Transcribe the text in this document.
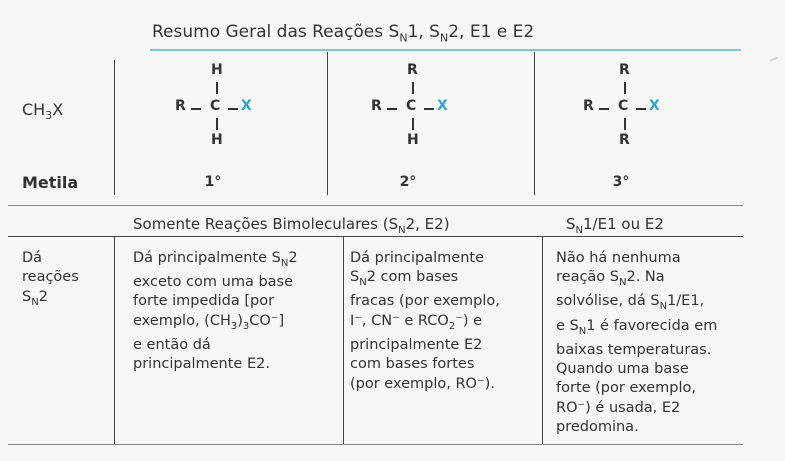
Resumo Geral das Reações $S_N1$, $S_N2$, E1 e E2
$CH_3X$
Metila
H
R C X
H
1°
R
R C X
H
2°
R
R C X
R
3°
Somente Reações Bimoleculares ($S_N2$, E2)	$S_N1/E1$ ou E2
Dá
reações
$S_N2$
Dá principalmente $S_N2$
exceto com uma base
forte impedida [por
exemplo, $(CH_3)_3CO^-$]
e então dá
principalmente E2.
Dá principalmente
$S_N2$ com bases
fracas (por exemplo,
I⁻, CN⁻ e $RCO_2^-$) e
principalmente E2
com bases fortes
(por exemplo, RO⁻).
Não há nenhuma
reação $S_N2$. Na
solvólise, dá $S_N1/E1$,
e $S_N1$ é favorecida em
baixas temperaturas.
Quando uma base
forte (por exemplo,
RO⁻) é usada, E2
predomina.
